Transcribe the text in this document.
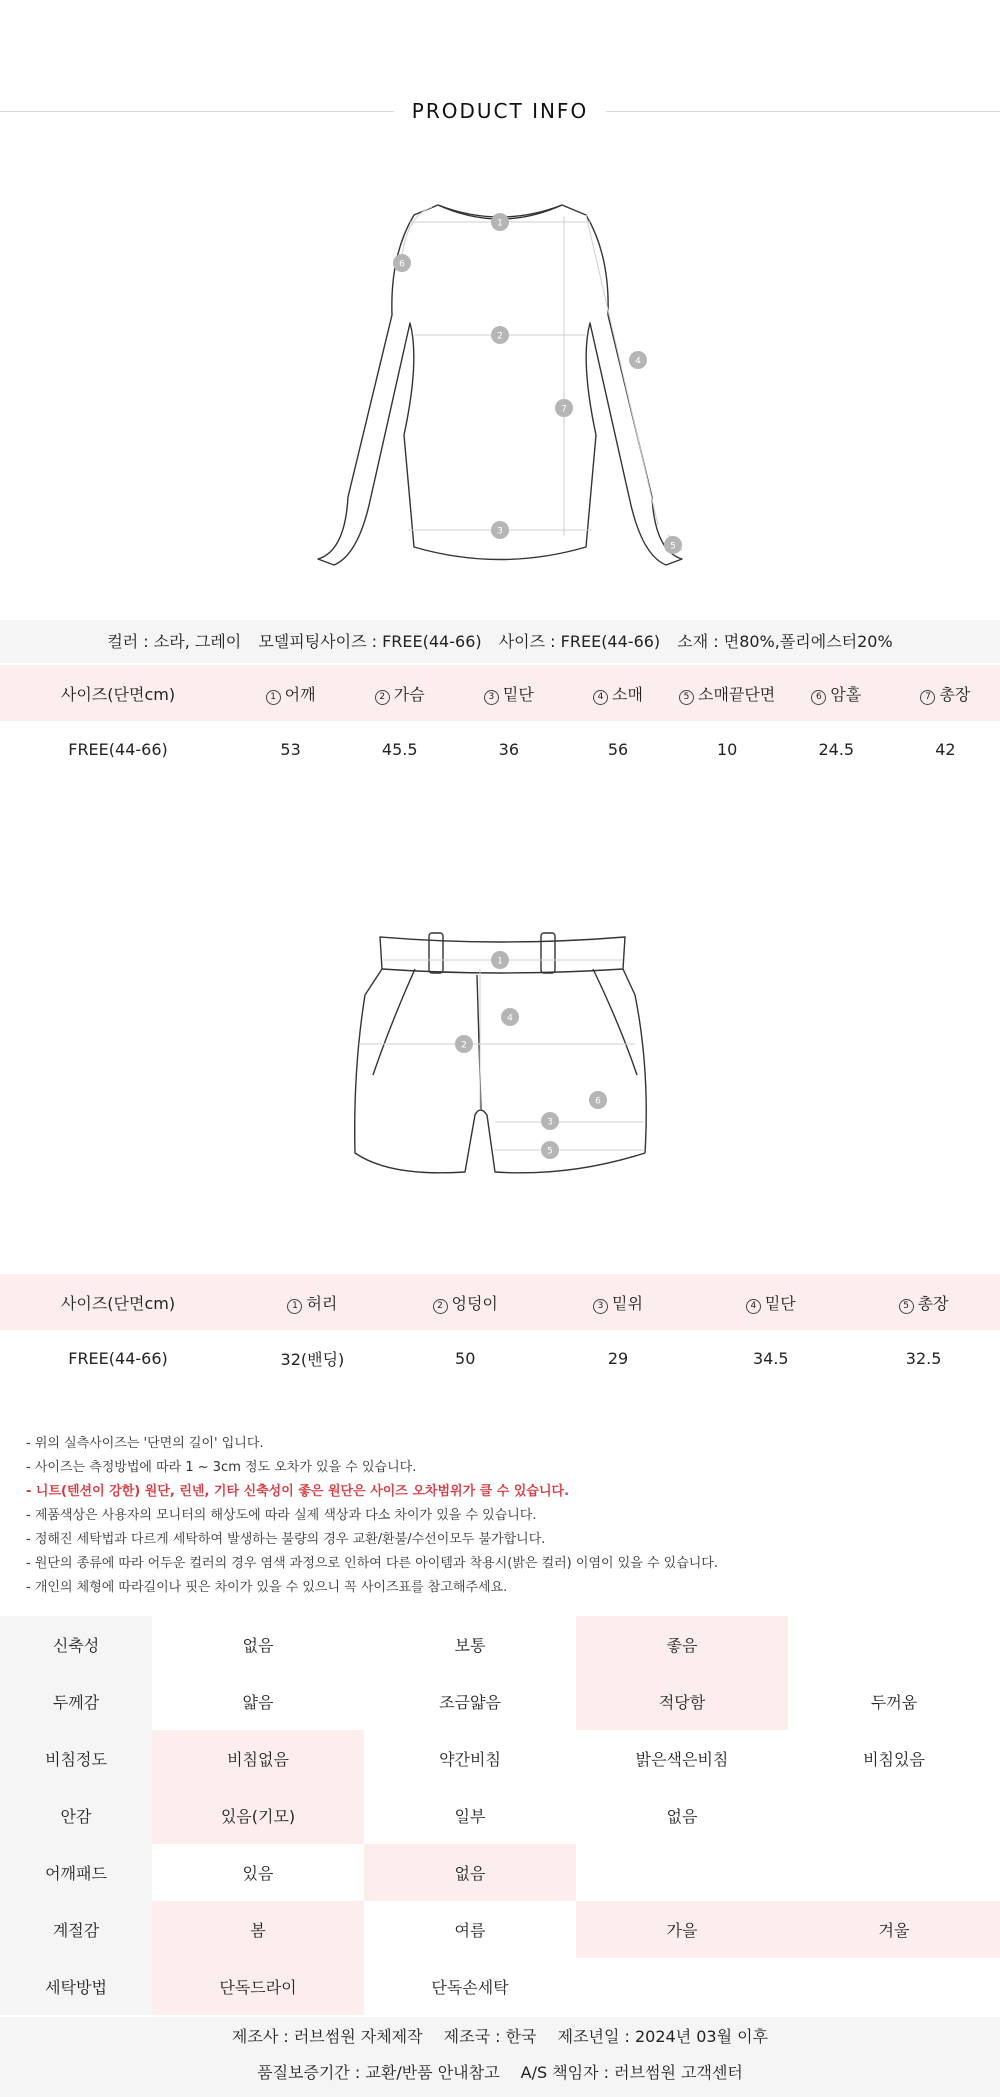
PRODUCT INFO
1
2
3
4
5
6
7
컬러 : 소라, 그레이 모델피팅사이즈 : FREE(44-66) 사이즈 : FREE(44-66) 소재 : 면80%,폴리에스터20%
사이즈(단면cm)	1 어깨	2 가슴	3 밑단	4 소매	5 소매끝단면	6 암홀	7 총장
FREE(44-66)	53	45.5	36	56	10	24.5	42
1
2
3
4
5
6
사이즈(단면cm)	1 허리	2 엉덩이	3 밑위	4 밑단	5 총장
FREE(44-66)	32(밴딩)	50	29	34.5	32.5
- 위의 실측사이즈는 '단면의 길이' 입니다.
- 사이즈는 측정방법에 따라 1 ~ 3cm 정도 오차가 있을 수 있습니다.
- 니트(텐션이 강한) 원단, 린넨, 기타 신축성이 좋은 원단은 사이즈 오차범위가 클 수 있습니다.
- 제품색상은 사용자의 모니터의 해상도에 따라 실제 색상과 다소 차이가 있을 수 있습니다.
- 정해진 세탁법과 다르게 세탁하여 발생하는 불량의 경우 교환/환불/수선이모두 불가합니다.
- 원단의 종류에 따라 어두운 컬러의 경우 염색 과정으로 인하여 다른 아이템과 착용시(밝은 컬러) 이염이 있을 수 있습니다.
- 개인의 체형에 따라길이나 핏은 차이가 있을 수 있으니 꼭 사이즈표를 참고해주세요.
신축성	없음	보통	좋음	
두께감	얇음	조금얇음	적당함	두꺼움
비침정도	비침없음	약간비침	밝은색은비침	비침있음
안감	있음(기모)	일부	없음	
어깨패드	있음	없음		
계절감	봄	여름	가을	겨울
세탁방법	단독드라이	단독손세탁		
제조사 : 러브썸원 자체제작 제조국 : 한국 제조년일 : 2024년 03월 이후
품질보증기간 : 교환/반품 안내참고 A/S 책임자 : 러브썸원 고객센터
